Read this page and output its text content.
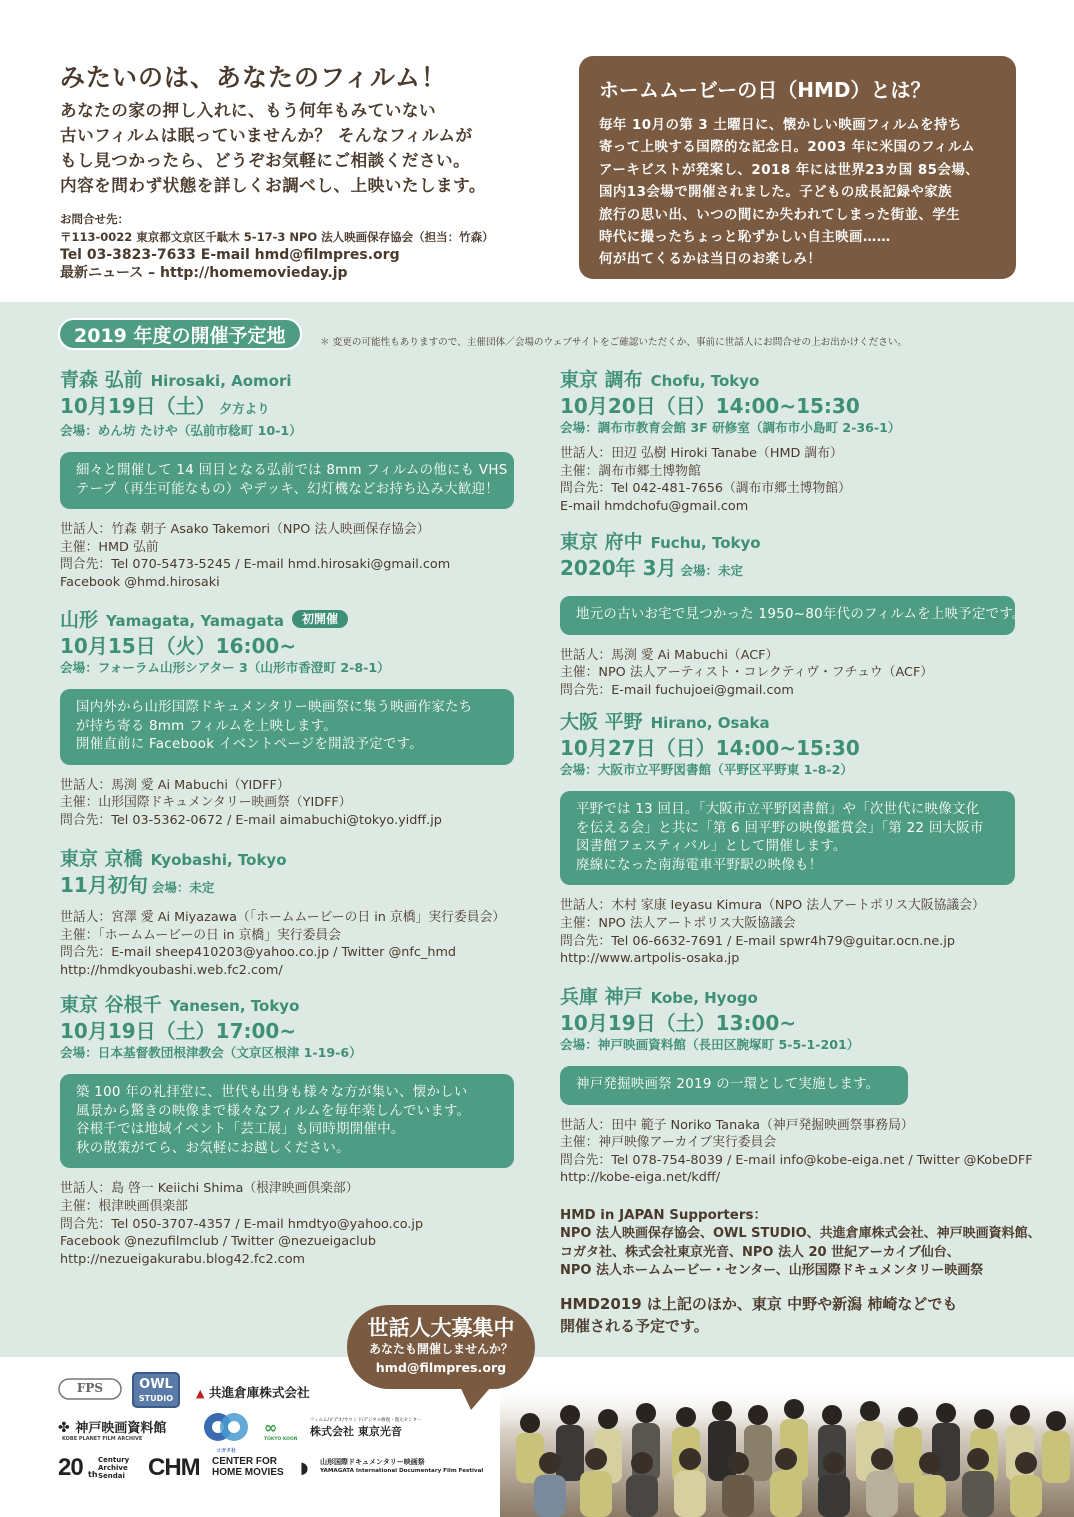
みたいのは、あなたのフィルム！
あなたの家の押し入れに、もう何年もみていない
古いフィルムは眠っていませんか？ そんなフィルムが
もし見つかったら、どうぞお気軽にご相談ください。
内容を問わず状態を詳しくお調べし、上映いたします。
お問合せ先：
〒113-0022 東京都文京区千駄木 5-17-3 NPO 法人映画保存協会（担当：竹森）
Tel 03-3823-7633 E-mail hmd@filmpres.org
最新ニュース – http://homemovieday.jp
ホームムービーの日（HMD）とは？
毎年 10月の第 3 土曜日に、懐かしい映画フィルムを持ち
寄って上映する国際的な記念日。2003 年に米国のフィルム
アーキビストが発案し、2018 年には世界23カ国 85会場、
国内13会場で開催されました。子どもの成長記録や家族
旅行の思い出、いつの間にか失われてしまった街並、学生
時代に撮ったちょっと恥ずかしい自主映画……
何が出てくるかは当日のお楽しみ！
2019 年度の開催予定地	＊ 変更の可能性もありますので、主催団体／会場のウェブサイトをご確認いただくか、事前に世話人にお問合せの上お出かけください。
青森 弘前 Hirosaki, Aomori
10月19日（土） 夕方より
会場：めん坊 たけや（弘前市稔町 10-1）
細々と開催して 14 回目となる弘前では 8mm フィルムの他にも VHS
テープ（再生可能なもの）やデッキ、幻灯機などお持ち込み大歓迎！
世話人：竹森 朝子 Asako Takemori（NPO 法人映画保存協会）
主催：HMD 弘前
問合先：Tel 070-5473-5245 / E-mail hmd.hirosaki@gmail.com
Facebook @hmd.hirosaki
山形 Yamagata, Yamagata 初開催
10月15日（火）16:00~
会場：フォーラム山形シアター 3（山形市香澄町 2-8-1）
国内外から山形国際ドキュメンタリー映画祭に集う映画作家たち
が持ち寄る 8mm フィルムを上映します。
開催直前に Facebook イベントページを開設予定です。
世話人：馬渕 愛 Ai Mabuchi（YIDFF）
主催：山形国際ドキュメンタリー映画祭（YIDFF）
問合先：Tel 03-5362-0672 / E-mail aimabuchi@tokyo.yidff.jp
東京 京橋 Kyobashi, Tokyo
11月初旬 会場：未定
世話人：宮澤 愛 Ai Miyazawa（「ホームムービーの日 in 京橋」実行委員会）
主催：「ホームムービーの日 in 京橋」実行委員会
問合先：E-mail sheep410203@yahoo.co.jp / Twitter @nfc_hmd
http://hmdkyoubashi.web.fc2.com/
東京 谷根千 Yanesen, Tokyo
10月19日（土）17:00~
会場：日本基督教団根津教会（文京区根津 1-19-6）
築 100 年の礼拝堂に、世代も出身も様々な方が集い、懐かしい
風景から驚きの映像まで様々なフィルムを毎年楽しんでいます。
谷根千では地域イベント「芸工展」も同時期開催中。
秋の散策がてら、お気軽にお越しください。
世話人：島 啓一 Keiichi Shima（根津映画倶楽部）
主催：根津映画倶楽部
問合先：Tel 050-3707-4357 / E-mail hmdtyo@yahoo.co.jp
Facebook @nezufilmclub / Twitter @nezueigaclub
http://nezueigakurabu.blog42.fc2.com
東京 調布 Chofu, Tokyo
10月20日（日）14:00~15:30
会場：調布市教育会館 3F 研修室（調布市小島町 2-36-1）
世話人：田辺 弘樹 Hiroki Tanabe（HMD 調布）
主催：調布市郷土博物館
問合先：Tel 042-481-7656（調布市郷土博物館）
E-mail hmdchofu@gmail.com
東京 府中 Fuchu, Tokyo
2020年 3月 会場：未定
地元の古いお宅で見つかった 1950~80年代のフィルムを上映予定です。
世話人：馬渕 愛 Ai Mabuchi（ACF）
主催：NPO 法人アーティスト・コレクティヴ・フチュウ（ACF）
問合先：E-mail fuchujoei@gmail.com
大阪 平野 Hirano, Osaka
10月27日（日）14:00~15:30
会場：大阪市立平野図書館（平野区平野東 1-8-2）
平野では 13 回目。「大阪市立平野図書館」や「次世代に映像文化
を伝える会」と共に「第 6 回平野の映像鑑賞会」「第 22 回大阪市
図書館フェスティバル」として開催します。
廃線になった南海電車平野駅の映像も！
世話人：木村 家康 Ieyasu Kimura（NPO 法人アートポリス大阪協議会）
主催：NPO 法人アートポリス大阪協議会
問合先：Tel 06-6632-7691 / E-mail spwr4h79@guitar.ocn.ne.jp
http://www.artpolis-osaka.jp
兵庫 神戸 Kobe, Hyogo
10月19日（土）13:00~
会場：神戸映画資料館（長田区腕塚町 5-5-1-201）
神戸発掘映画祭 2019 の一環として実施します。
世話人：田中 範子 Noriko Tanaka（神戸発掘映画祭事務局）
主催：神戸映像アーカイブ実行委員会
問合先：Tel 078-754-8039 / E-mail info@kobe-eiga.net / Twitter @KobeDFF
http://kobe-eiga.net/kdff/
HMD in JAPAN Supporters：
NPO 法人映画保存協会、OWL STUDIO、共進倉庫株式会社、神戸映画資料館、
コガタ社、株式会社東京光音、NPO 法人 20 世紀アーカイブ仙台、
NPO 法人ホームムービー・センター、山形国際ドキュメンタリー映画祭
HMD2019 は上記のほか、東京 中野や新潟 柿崎などでも
開催される予定です。
世話人大募集中
あなたも開催しませんか？
hmd@filmpres.org
FPS	OWL
STUDIO	▲ 共進倉庫株式会社
✤ 神戸映画資料館
KOBE PLANET FILM ARCHIVE
コガタ社
∞
TOKYO KOON
フィルム/ビデオ/サウンド/デジタル修復・復元センター
株式会社 東京光音
20 th
Century
Archive
Sendai CHM CENTER FOR
HOME MOVIES ◗ 山形国際ドキュメンタリー映画祭
YAMAGATA International Documentary Film Festival
